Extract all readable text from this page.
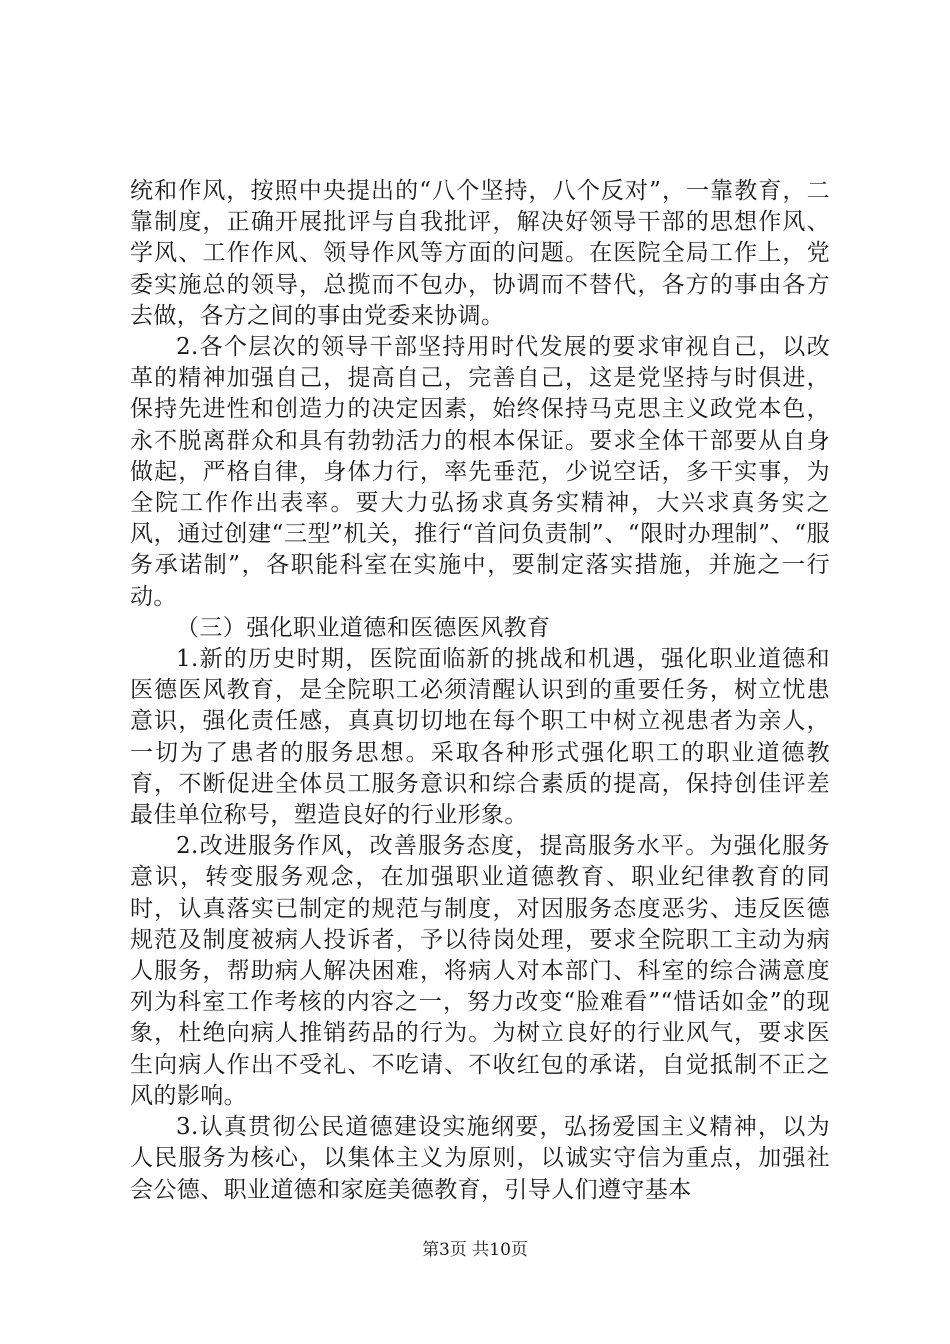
统和作风，按照中央提出的“八个坚持，八个反对”，一靠教育，二靠制度，正确开展批评与自我批评，解决好领导干部的思想作风、学风、工作作风、领导作风等方面的问题。在医院全局工作上，党委实施总的领导，总揽而不包办，协调而不替代，各方的事由各方去做，各方之间的事由党委来协调。

2.各个层次的领导干部坚持用时代发展的要求审视自己，以改革的精神加强自己，提高自己，完善自己，这是党坚持与时俱进，保持先进性和创造力的决定因素，始终保持马克思主义政党本色，永不脱离群众和具有勃勃活力的根本保证。要求全体干部要从自身做起，严格自律，身体力行，率先垂范，少说空话，多干实事，为全院工作作出表率。要大力弘扬求真务实精神，大兴求真务实之风，通过创建“三型”机关，推行“首问负责制”、“限时办理制”、“服务承诺制”，各职能科室在实施中，要制定落实措施，并施之一行动。

（三）强化职业道德和医德医风教育

1.新的历史时期，医院面临新的挑战和机遇，强化职业道德和医德医风教育，是全院职工必须清醒认识到的重要任务，树立忧患意识，强化责任感，真真切切地在每个职工中树立视患者为亲人，一切为了患者的服务思想。采取各种形式强化职工的职业道德教育，不断促进全体员工服务意识和综合素质的提高，保持创佳评差最佳单位称号，塑造良好的行业形象。

2.改进服务作风，改善服务态度，提高服务水平。为强化服务意识，转变服务观念，在加强职业道德教育、职业纪律教育的同时，认真落实已制定的规范与制度，对因服务态度恶劣、违反医德规范及制度被病人投诉者，予以待岗处理，要求全院职工主动为病人服务，帮助病人解决困难，将病人对本部门、科室的综合满意度列为科室工作考核的内容之一，努力改变“脸难看”“惜话如金”的现象，杜绝向病人推销药品的行为。为树立良好的行业风气，要求医生向病人作出不受礼、不吃请、不收红包的承诺，自觉抵制不正之风的影响。

3.认真贯彻公民道德建设实施纲要，弘扬爱国主义精神，以为人民服务为核心，以集体主义为原则，以诚实守信为重点，加强社会公德、职业道德和家庭美德教育，引导人们遵守基本

第3页 共10页
